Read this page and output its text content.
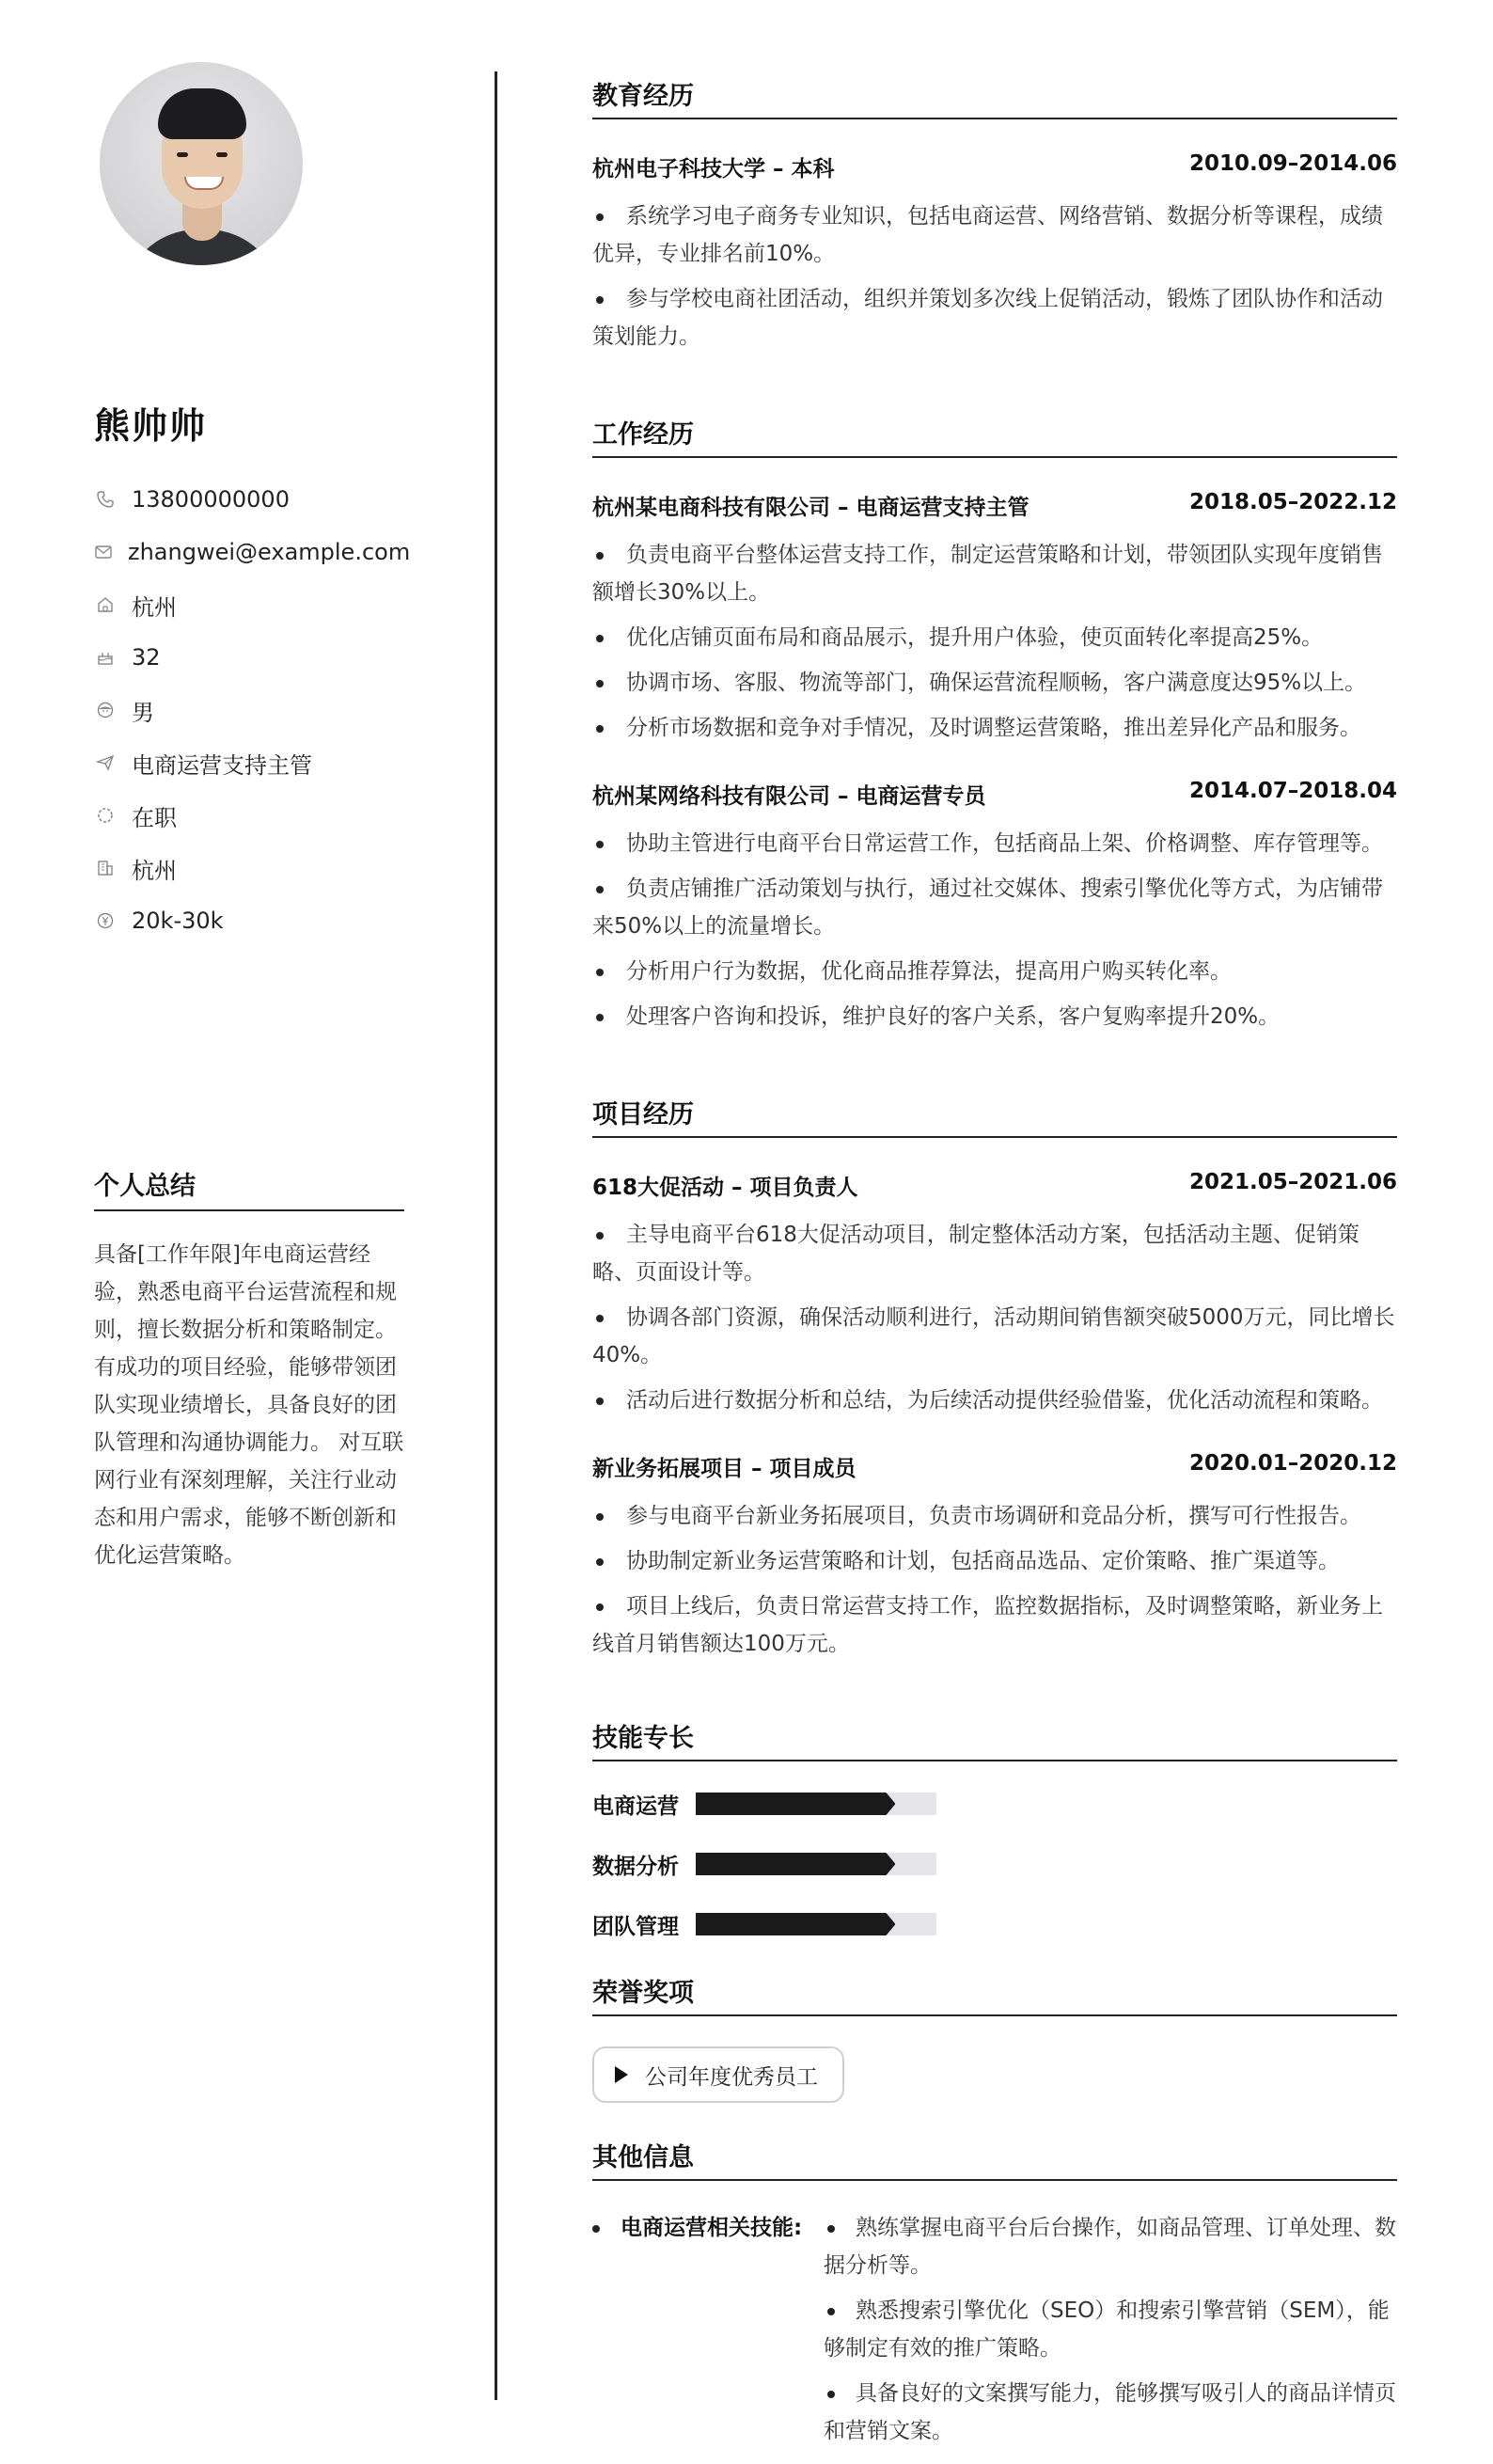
熊帅帅
13800000000
zhangwei@example.com
杭州
32
男
电商运营支持主管
在职
杭州
20k-30k
个人总结
具备[工作年限]年电商运营经验，熟悉电商平台运营流程和规则，擅长数据分析和策略制定。 有成功的项目经验，能够带领团队实现业绩增长，具备良好的团队管理和沟通协调能力。 对互联网行业有深刻理解，关注行业动态和用户需求，能够不断创新和优化运营策略。
教育经历
杭州电子科技大学 – 本科	2010.09–2014.06
系统学习电子商务专业知识，包括电商运营、网络营销、数据分析等课程，成绩优异，专业排名前10%。
参与学校电商社团活动，组织并策划多次线上促销活动，锻炼了团队协作和活动策划能力。
工作经历
杭州某电商科技有限公司 – 电商运营支持主管	2018.05–2022.12
负责电商平台整体运营支持工作，制定运营策略和计划，带领团队实现年度销售额增长30%以上。
优化店铺页面布局和商品展示，提升用户体验，使页面转化率提高25%。
协调市场、客服、物流等部门，确保运营流程顺畅，客户满意度达95%以上。
分析市场数据和竞争对手情况，及时调整运营策略，推出差异化产品和服务。
杭州某网络科技有限公司 – 电商运营专员	2014.07–2018.04
协助主管进行电商平台日常运营工作，包括商品上架、价格调整、库存管理等。
负责店铺推广活动策划与执行，通过社交媒体、搜索引擎优化等方式，为店铺带来50%以上的流量增长。
分析用户行为数据，优化商品推荐算法，提高用户购买转化率。
处理客户咨询和投诉，维护良好的客户关系，客户复购率提升20%。
项目经历
618大促活动 – 项目负责人	2021.05–2021.06
主导电商平台618大促活动项目，制定整体活动方案，包括活动主题、促销策略、页面设计等。
协调各部门资源，确保活动顺利进行，活动期间销售额突破5000万元，同比增长40%。
活动后进行数据分析和总结，为后续活动提供经验借鉴，优化活动流程和策略。
新业务拓展项目 – 项目成员	2020.01–2020.12
参与电商平台新业务拓展项目，负责市场调研和竞品分析，撰写可行性报告。
协助制定新业务运营策略和计划，包括商品选品、定价策略、推广渠道等。
项目上线后，负责日常运营支持工作，监控数据指标，及时调整策略，新业务上线首月销售额达100万元。
技能专长
电商运营
数据分析
团队管理
荣誉奖项
公司年度优秀员工
其他信息
电商运营相关技能:	熟练掌握电商平台后台操作，如商品管理、订单处理、数据分析等。
熟悉搜索引擎优化（SEO）和搜索引擎营销（SEM），能够制定有效的推广策略。
具备良好的文案撰写能力，能够撰写吸引人的商品详情页和营销文案。
